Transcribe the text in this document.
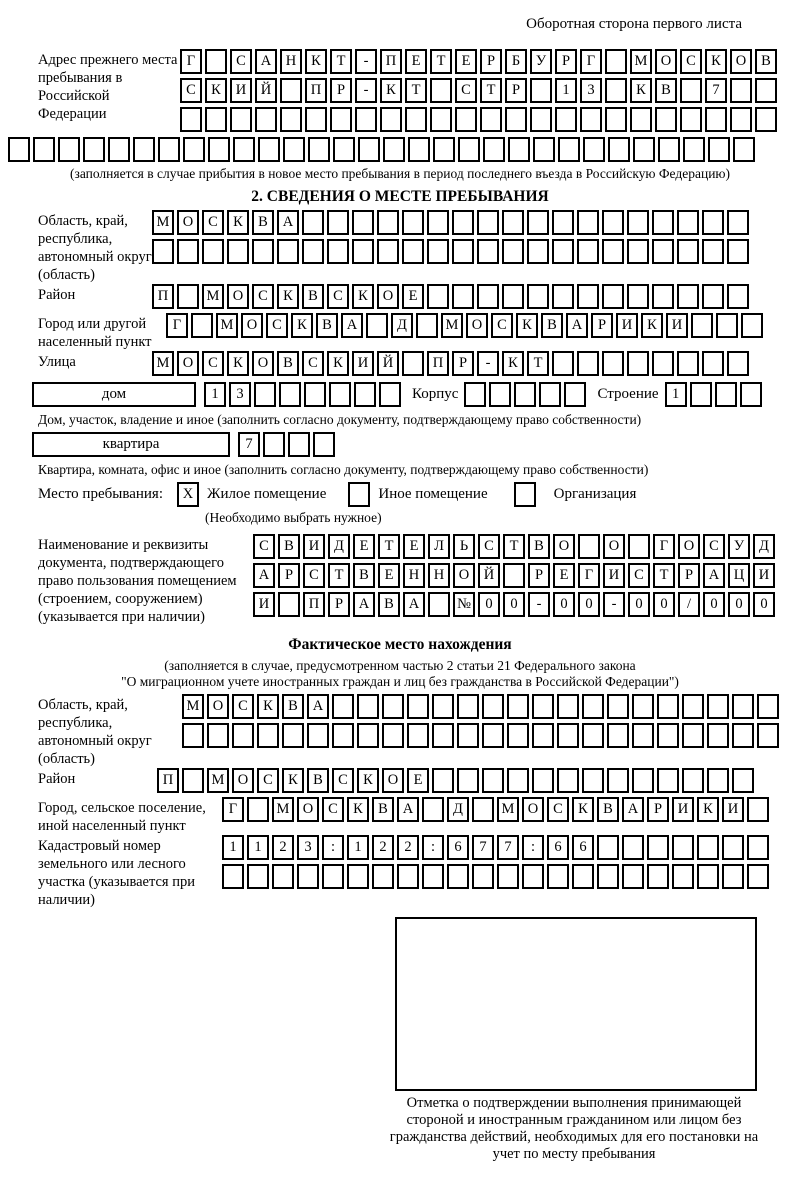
Оборотная сторона первого листа
Адрес прежнего места пребывания в Российской Федерации
Г	С	А	Н	К	Т	-	П	Е	Т	Е	Р	Б	У	Р	Г	М О	С	К	О	В
С	К	И	Й	П	Р	-	К	Т	С	Т	Р	1	3	К	В	7
(заполняется в случае прибытия в новое место пребывания в период последнего въезда в Российскую Федерацию)
2. СВЕДЕНИЯ О МЕСТЕ ПРЕБЫВАНИЯ
Область, край, республика, автономный округ (область)
М О	С	К	В	А
Район	П	М О	С	К	В	С	К	О	Е
Город или другой населенный пункт
Г	М О	С	К	В	А	Д	М О	С	К	В	А	Р	И	К	И
Улица	М О	С	К	О	В	С	К	И	Й	П	Р	-	К	Т
дом	1	3	Корпус	Строение 1
Дом, участок, владение и иное (заполнить согласно документу, подтверждающему право собственности)
квартира	7
Квартира, комната, офис и иное (заполнить согласно документу, подтверждающему право собственности)
Место пребывания:	X Жилое помещение	Иное помещение	Организация
(Необходимо выбрать нужное)
Наименование и реквизиты документа, подтверждающего право пользования помещением (строением, сооружением) (указывается при наличии)
С	В	И	Д	Е	Т	Е	Л	Ь	С	Т	В	О	О	Г	О	С	У	Д
А	Р	С	Т	В	Е	Н	Н	О	Й	Р	Е	Г	И	С	Т	Р	А	Ц	И
И	П	Р	А	В	А	№ 0	0	-	0	0	-	0	0	/	0	0	0
Фактическое место нахождения
(заполняется в случае, предусмотренном частью 2 статьи 21 Федерального закона
"О миграционном учете иностранных граждан и лиц без гражданства в Российской Федерации")
Область, край, республика, автономный округ (область)
М О	С	К	В	А
Район	П	М О	С	К	В	С	К	О	Е
Город, сельское поселение, иной населенный пункт
Г	М О	С	К	В	А	Д	М О	С	К	В	А	Р	И	К	И
Кадастровый номер земельного или лесного участка (указывается при наличии)
1	1	2	3	:	1	2	2	:	6	7	7	:	6	6
Отметка о подтверждении выполнения принимающей стороной и иностранным гражданином или лицом без гражданства действий, необходимых для его постановки на учет по месту пребывания
